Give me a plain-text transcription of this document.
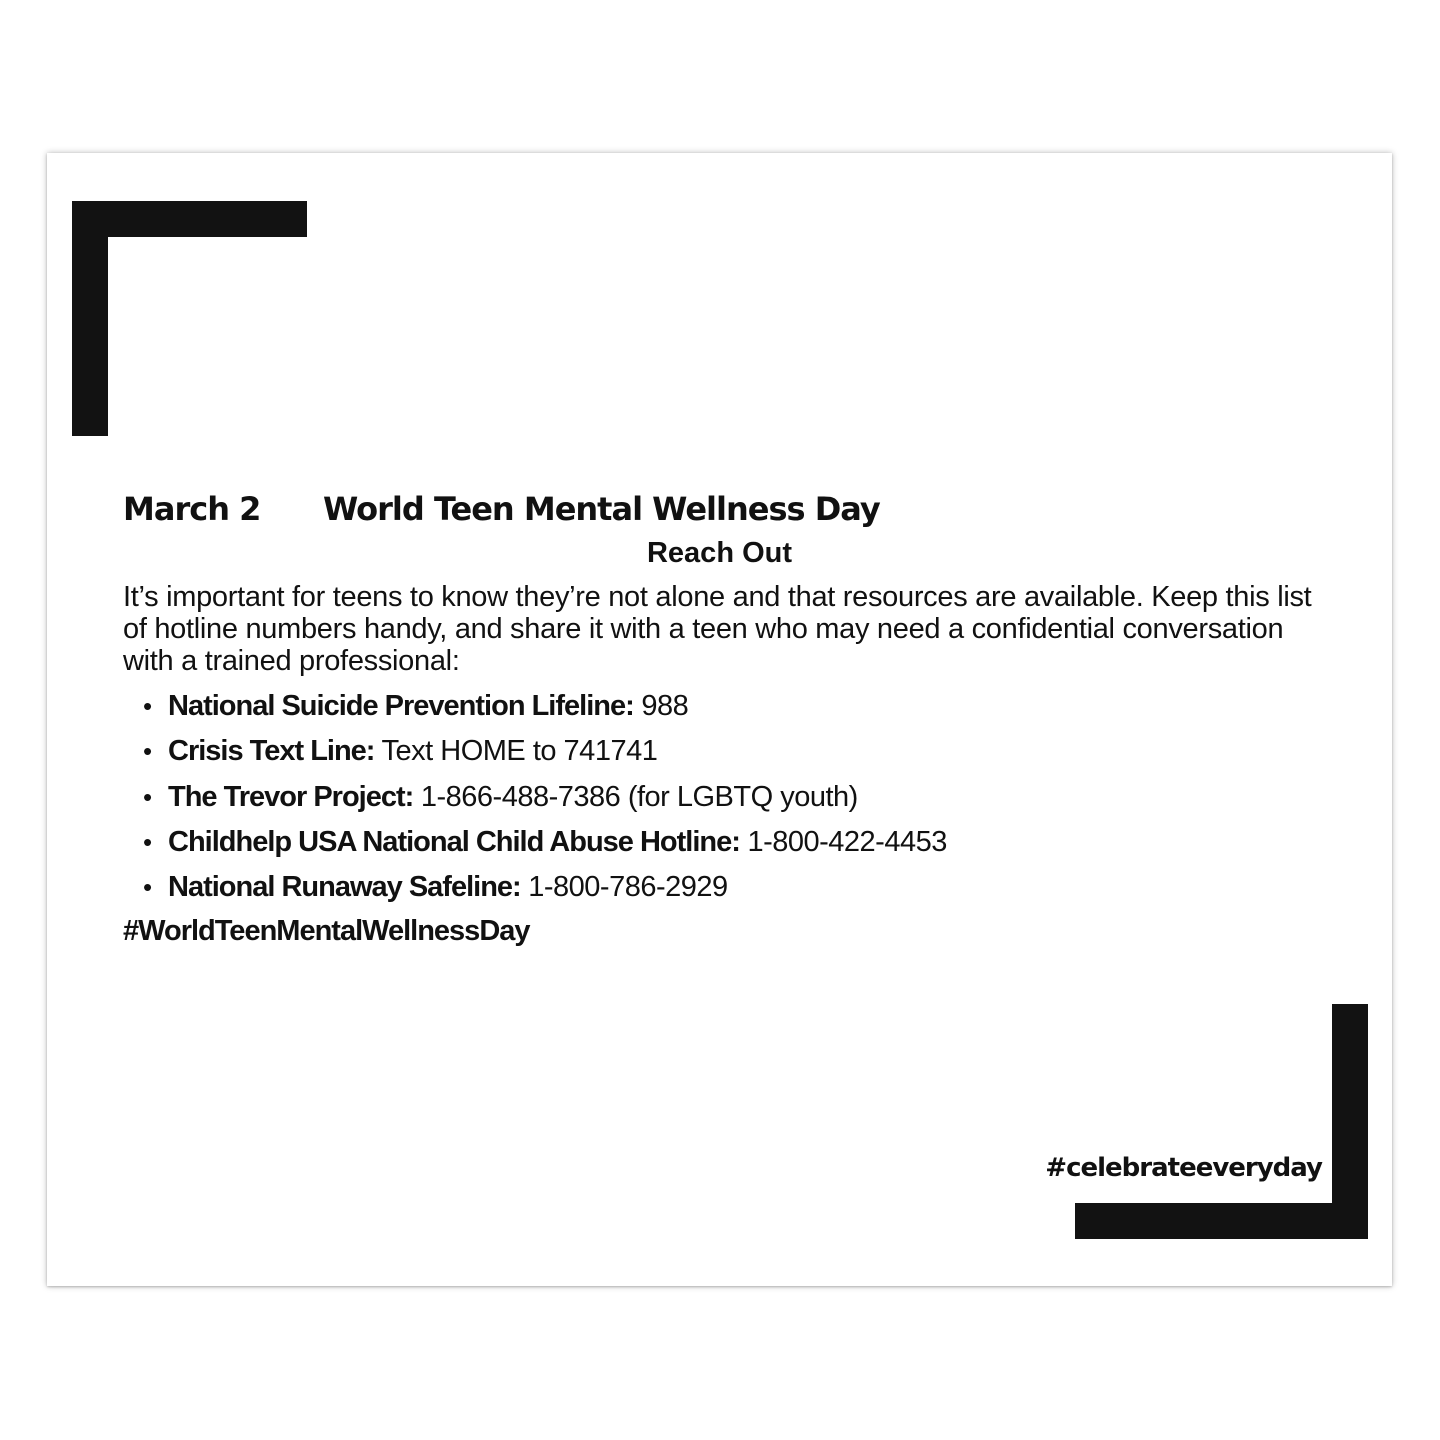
March 2 World Teen Mental Wellness Day
Reach Out
It’s important for teens to know they’re not alone and that resources are available. Keep this list of hotline numbers handy, and share it with a teen who may need a confidential conversation with a trained professional:
• National Suicide Prevention Lifeline: 988
• Crisis Text Line: Text HOME to 741741
• The Trevor Project: 1-866-488-7386 (for LGBTQ youth)
• Childhelp USA National Child Abuse Hotline: 1-800-422-4453
• National Runaway Safeline: 1-800-786-2929
#WorldTeenMentalWellnessDay
#celebrateeveryday
